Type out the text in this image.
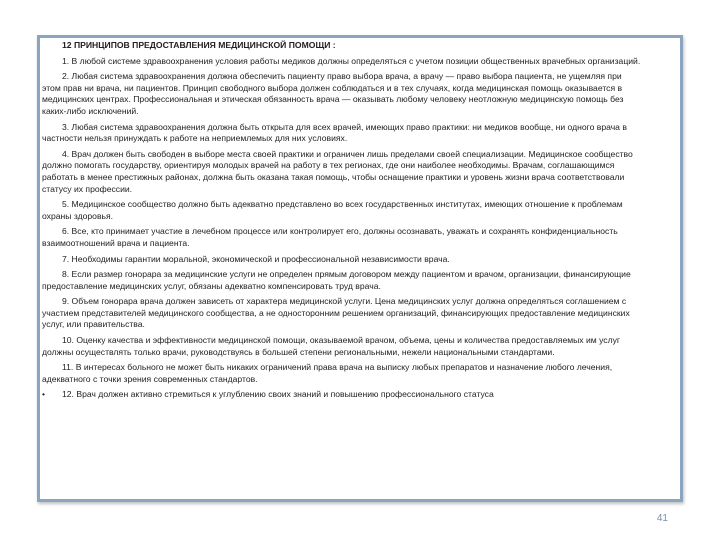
12 ПРИНЦИПОВ ПРЕДОСТАВЛЕНИЯ МЕДИЦИНСКОЙ ПОМОЩИ :

1. В любой системе здравоохранения условия работы медиков должны определяться с учетом позиции общественных врачебных организаций.

2. Любая система здравоохранения должна обеспечить пациенту право выбора врача, а врачу — право выбора пациента, не ущемляя при этом прав ни врача, ни пациентов. Принцип свободного выбора должен соблюдаться и в тех случаях, когда медицинская помощь оказывается в медицинских центрах. Профессиональная и этическая обязанность врача — оказывать любому человеку неотложную медицинскую помощь без каких-либо исключений.

3. Любая система здравоохранения должна быть открыта для всех врачей, имеющих право практики: ни медиков вообще, ни одного врача в частности нельзя принуждать к работе на неприемлемых для них условиях.

4. Врач должен быть свободен в выборе места своей практики и ограничен лишь пределами своей специализации. Медицинское сообщество должно помогать государству, ориентируя молодых врачей на работу в тех регионах, где они наиболее необходимы. Врачам, соглашающимся работать в менее престижных районах, должна быть оказана такая помощь, чтобы оснащение практики и уровень жизни врача соответствовали статусу их профессии.

5. Медицинское сообщество должно быть адекватно представлено во всех государственных институтах, имеющих отношение к проблемам охраны здоровья.

6. Все, кто принимает участие в лечебном процессе или контролирует его, должны осознавать, уважать и сохранять конфиденциальность взаимоотношений врача и пациента.

7. Необходимы гарантии моральной, экономической и профессиональной независимости врача.

8. Если размер гонорара за медицинские услуги не определен прямым договором между пациентом и врачом, организации, финансирующие предоставление медицинских услуг, обязаны адекватно компенсировать труд врача.

9. Объем гонорара врача должен зависеть от характера медицинской услуги. Цена медицинских услуг должна определяться соглашением с участием представителей медицинского сообщества, а не односторонним решением организаций, финансирующих предоставление медицинских услуг, или правительства.

10. Оценку качества и эффективности медицинской помощи, оказываемой врачом, объема, цены и количества предоставляемых им услуг должны осуществлять только врачи, руководствуясь в большей степени региональными, нежели национальными стандартами.

11. В интересах больного не может быть никаких ограничений права врача на выписку любых препаратов и назначение любого лечения, адекватного с точки зрения современных стандартов.

•	12. Врач должен активно стремиться к углублению своих знаний и повышению профессионального статуса
41
